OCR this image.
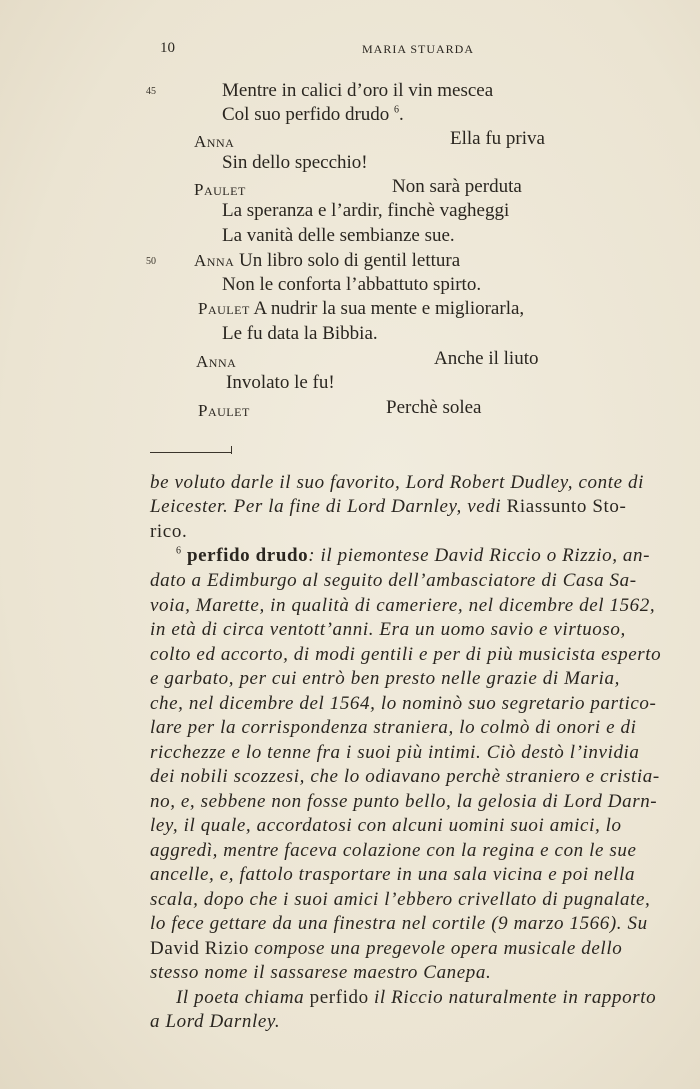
10	MARIA STUARDA
45	Mentre in calici d’oro il vin mescea
Col suo perfido drudo $^6$.
Anna	Ella fu priva
Sin dello specchio!
Paulet	Non sarà perduta
La speranza e l’ardir, finchè vagheggi
La vanità delle sembianze sue.
50 Anna Un libro solo di gentil lettura
Non le conforta l’abbattuto spirto.
Paulet A nudrir la sua mente e migliorarla,
Le fu data la Bibbia.
Anna	Anche il liuto
Involato le fu!
Paulet	Perchè solea
be voluto darle il suo favorito, Lord Robert Dudley, conte di
Leicester. Per la fine di Lord Darnley, vedi Riassunto Sto-
rico.
$^6$ perfido drudo: il piemontese David Riccio o Rizzio, an-
dato a Edimburgo al seguito dell’ambasciatore di Casa Sa-
voia, Marette, in qualità di cameriere, nel dicembre del 1562,
in età di circa ventott’anni. Era un uomo savio e virtuoso,
colto ed accorto, di modi gentili e per di più musicista esperto
e garbato, per cui entrò ben presto nelle grazie di Maria,
che, nel dicembre del 1564, lo nominò suo segretario partico-
lare per la corrispondenza straniera, lo colmò di onori e di
ricchezze e lo tenne fra i suoi più intimi. Ciò destò l’invidia
dei nobili scozzesi, che lo odiavano perchè straniero e cristia-
no, e, sebbene non fosse punto bello, la gelosia di Lord Darn-
ley, il quale, accordatosi con alcuni uomini suoi amici, lo
aggredì, mentre faceva colazione con la regina e con le sue
ancelle, e, fattolo trasportare in una sala vicina e poi nella
scala, dopo che i suoi amici l’ebbero crivellato di pugnalate,
lo fece gettare da una finestra nel cortile (9 marzo 1566). Su
David Rizio compose una pregevole opera musicale dello
stesso nome il sassarese maestro Canepa.
Il poeta chiama perfido il Riccio naturalmente in rapporto
a Lord Darnley.
